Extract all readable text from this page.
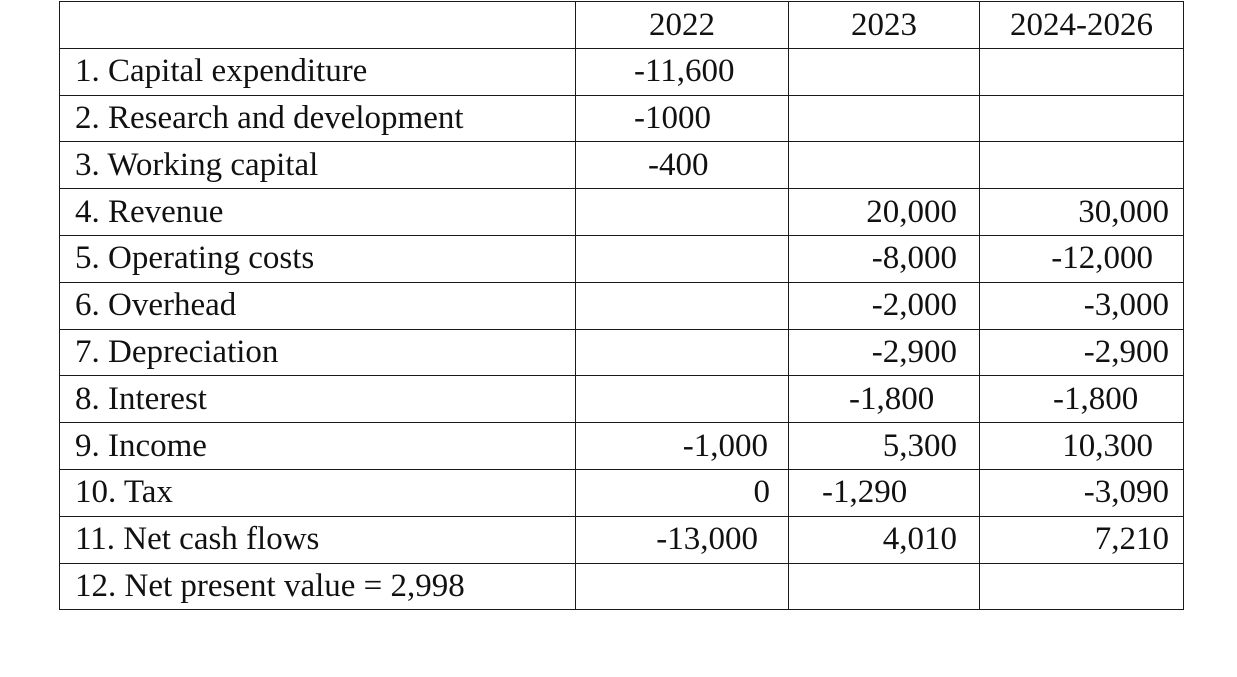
	2022	2023	2024-2026
1. Capital expenditure	-11,600		
2. Research and development	-1000		
3. Working capital	-400		
4. Revenue		20,000	30,000
5. Operating costs		-8,000	-12,000
6. Overhead		-2,000	-3,000
7. Depreciation		-2,900	-2,900
8. Interest		-1,800	-1,800
9. Income	-1,000	5,300	10,300
10. Tax	0	-1,290	-3,090
11. Net cash flows	-13,000	4,010	7,210
12. Net present value = 2,998			
